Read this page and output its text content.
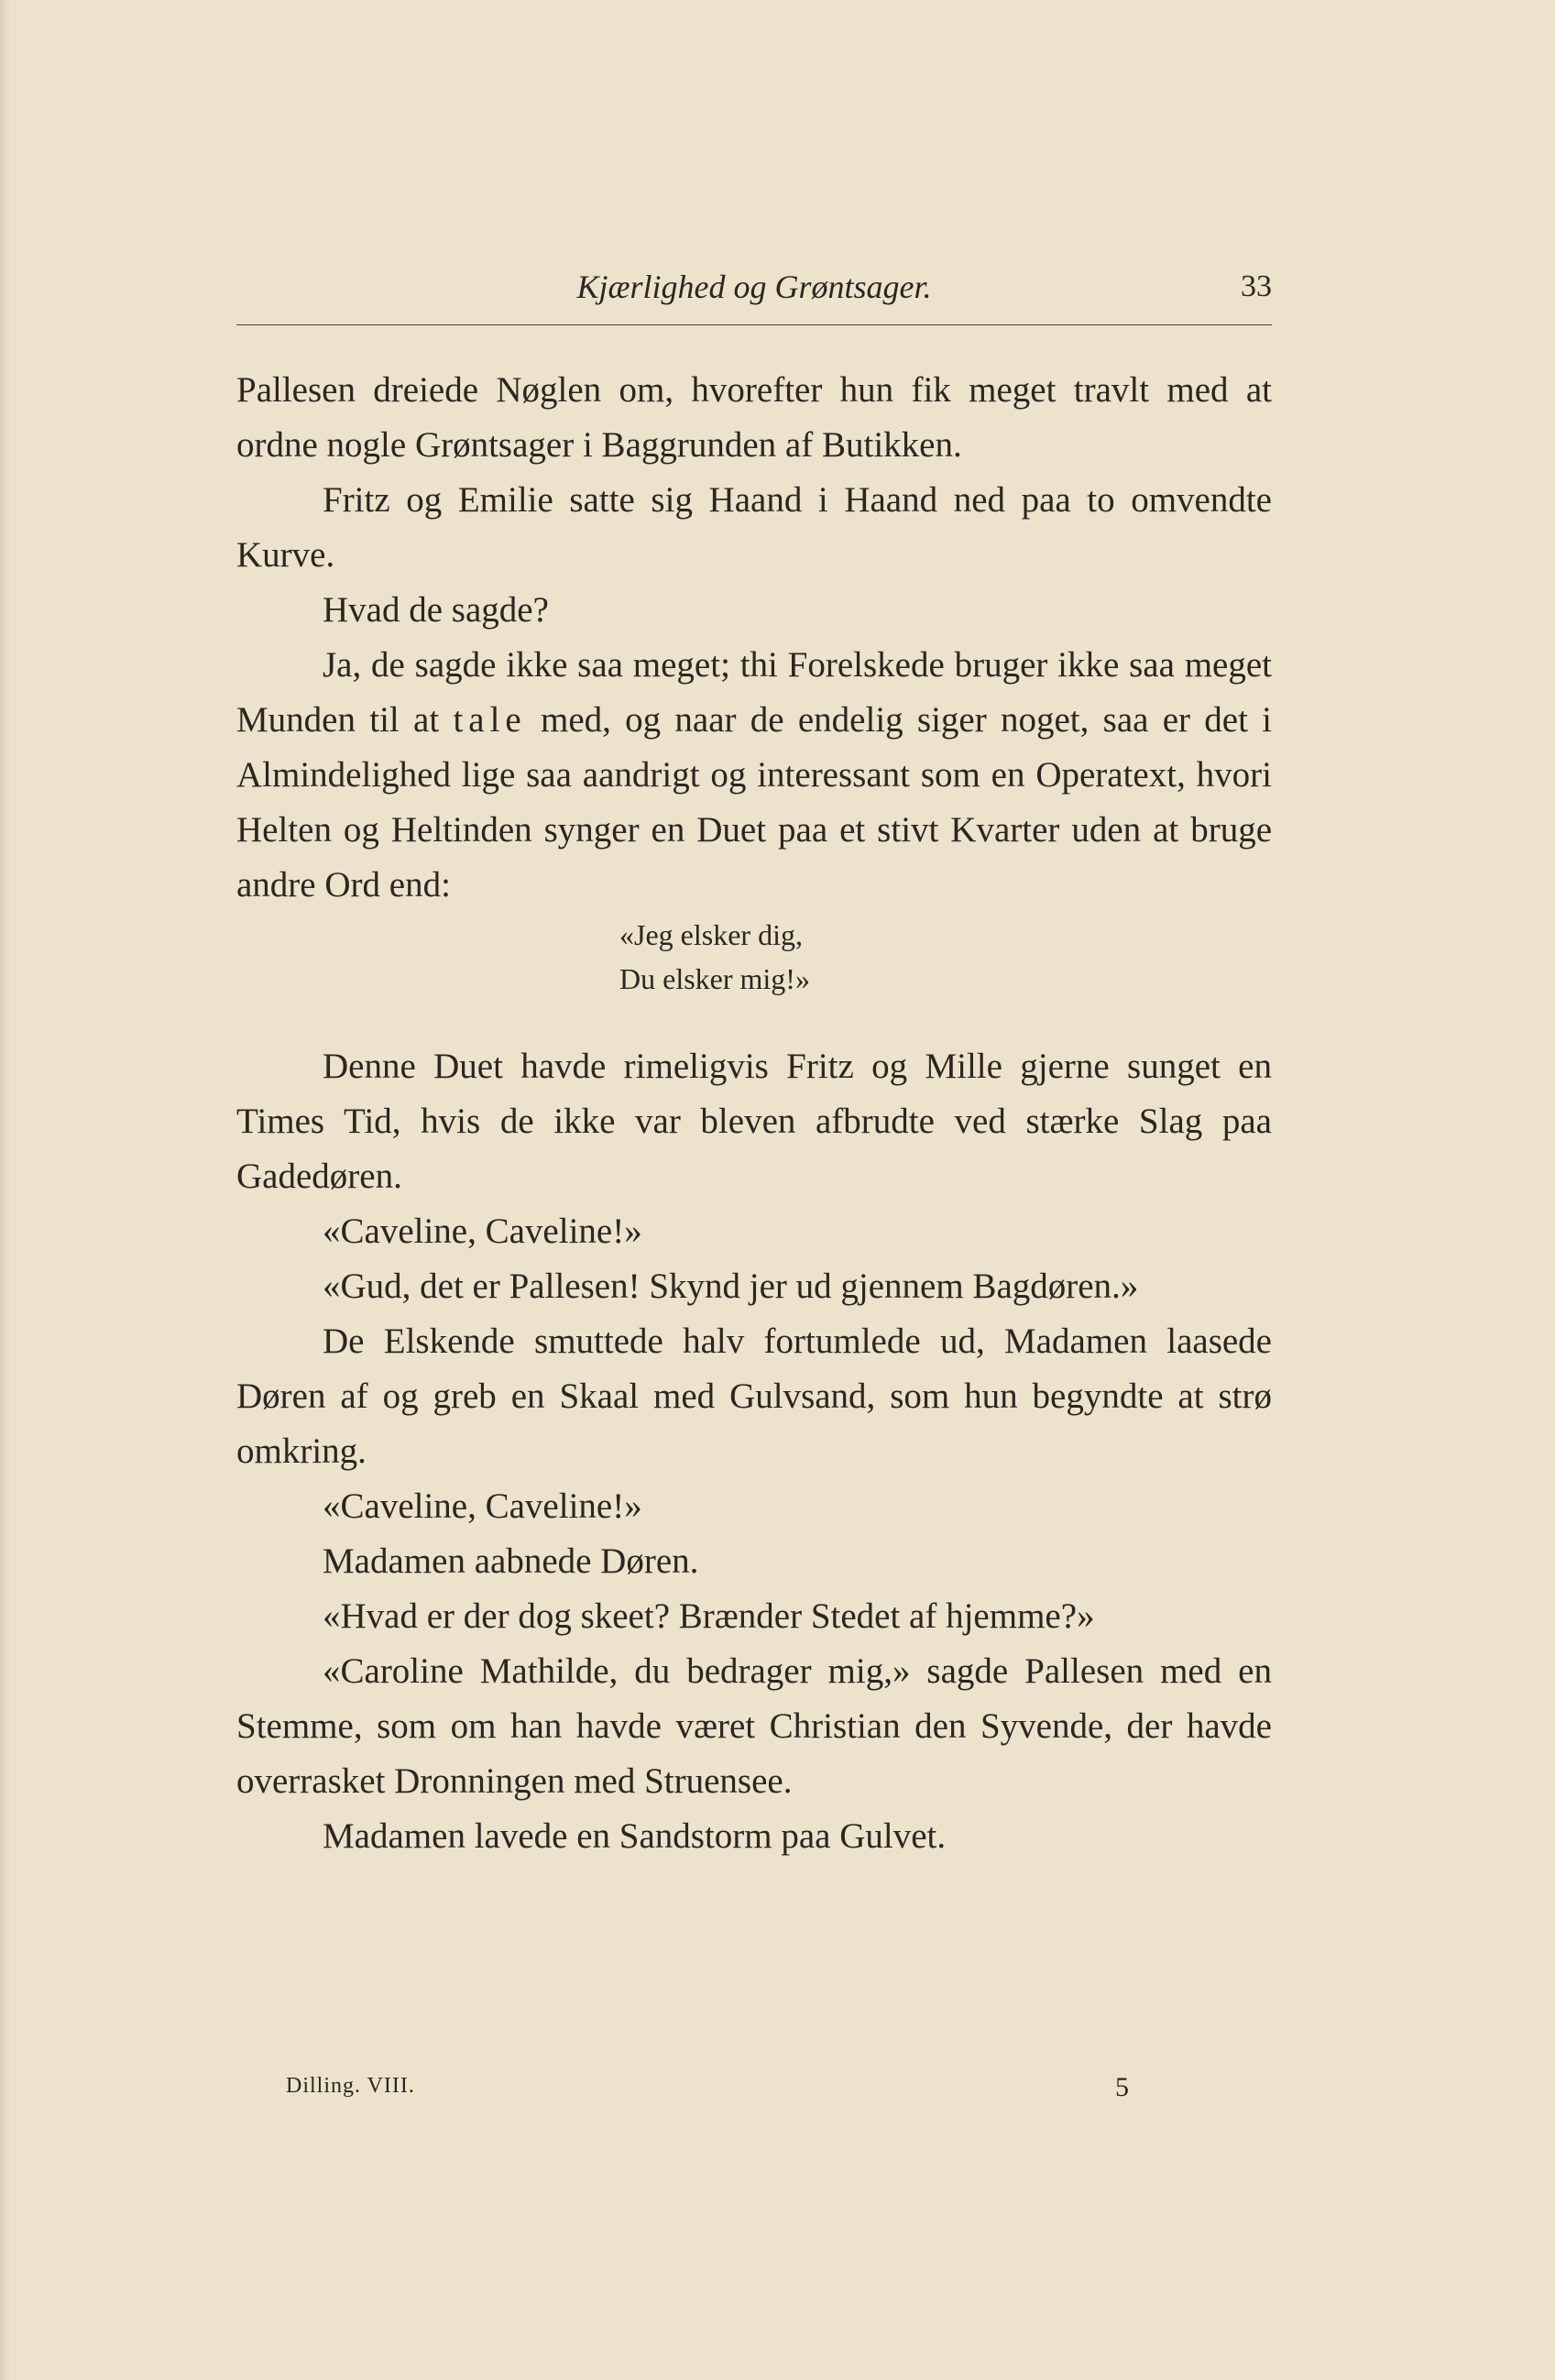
Kjærlighed og Grøntsager.	33

Pallesen dreiede Nøglen om, hvorefter hun fik meget travlt med at ordne nogle Grøntsager i Baggrunden af Butikken.

Fritz og Emilie satte sig Haand i Haand ned paa to omvendte Kurve.

Hvad de sagde?

Ja, de sagde ikke saa meget; thi Forelskede bruger ikke saa meget Munden til at tale med, og naar de endelig siger noget, saa er det i Almindelighed lige saa aandrigt og interessant som en Operatext, hvori Helten og Heltinden synger en Duet paa et stivt Kvarter uden at bruge andre Ord end:

«Jeg elsker dig,
Du elsker mig!»

Denne Duet havde rimeligvis Fritz og Mille gjerne sunget en Times Tid, hvis de ikke var bleven afbrudte ved stærke Slag paa Gadedøren.

«Caveline, Caveline!»

«Gud, det er Pallesen! Skynd jer ud gjennem Bagdøren.»

De Elskende smuttede halv fortumlede ud, Madamen laasede Døren af og greb en Skaal med Gulvsand, som hun begyndte at strø omkring.

«Caveline, Caveline!»

Madamen aabnede Døren.

«Hvad er der dog skeet? Brænder Stedet af hjemme?»

«Caroline Mathilde, du bedrager mig,» sagde Pallesen med en Stemme, som om han havde været Christian den Syvende, der havde overrasket Dronningen med Struensee.

Madamen lavede en Sandstorm paa Gulvet.

Dilling. VIII.	5
